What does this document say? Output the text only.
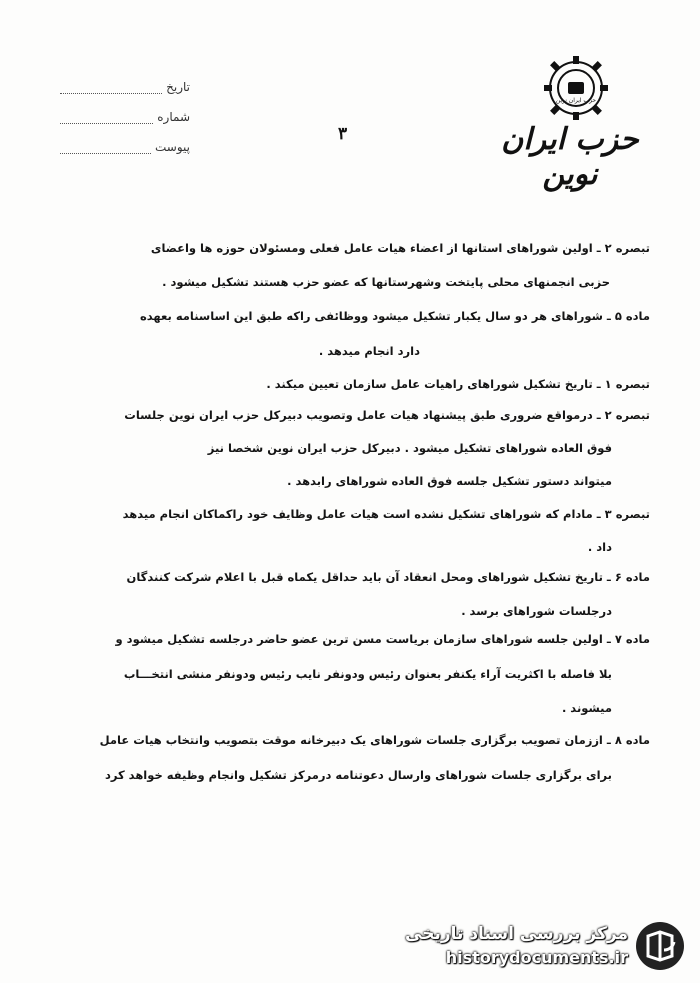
حزب ایران نوین
حزب ایران نوین
۳
تاریخ
شماره
پیوست
تبصره ۲ ـ اولین شوراهای استانها از اعضاء هیات عامل فعلی ومسئولان حوزه ها واعضای
حزبی انجمنهای محلی پایتخت وشهرستانها که عضو حزب هستند تشکیل میشود .
ماده ۵ ـ شوراهای هر دو سال یکبار تشکیل میشود ووظائفی راکه طبق این اساسنامه بعهده
دارد انجام میدهد .
تبصره ۱ ـ تاریخ تشکیل شوراهای راهیات عامل سازمان تعیین میکند .
تبصره ۲ ـ درمواقع ضروری طبق پیشنهاد هیات عامل وتصویب دبیرکل حزب ایران نوین جلسات
فوق العاده شوراهای تشکیل میشود . دبیرکل حزب ایران نوین شخصا نیز
میتواند دستور تشکیل جلسه فوق العاده شوراهای رابدهد .
تبصره ۳ ـ مادام که شوراهای تشکیل نشده است هیات عامل وظایف خود راکماکان انجام میدهد
داد .
ماده ۶ ـ تاریخ تشکیل شوراهای ومحل انعقاد آن باید حداقل یکماه قبل با اعلام شرکت کنندگان
درجلسات شوراهای برسد .
ماده ۷ ـ اولین جلسه شوراهای سازمان بریاست مسن ترین عضو حاضر درجلسه تشکیل میشود و
بلا فاصله با اکثریت آراء یکنفر بعنوان رئیس ودونفر نایب رئیس ودونفر منشی انتخـــاب
میشوند .
ماده ۸ ـ اززمان تصویب برگزاری جلسات شوراهای یک دبیرخانه موقت بتصویب وانتخاب هیات عامل
برای برگزاری جلسات شوراهای وارسال دعوتنامه درمرکز تشکیل وانجام وظیفه خواهد کرد
مرکز بررسی اسناد تاریخی
historydocuments.ir
